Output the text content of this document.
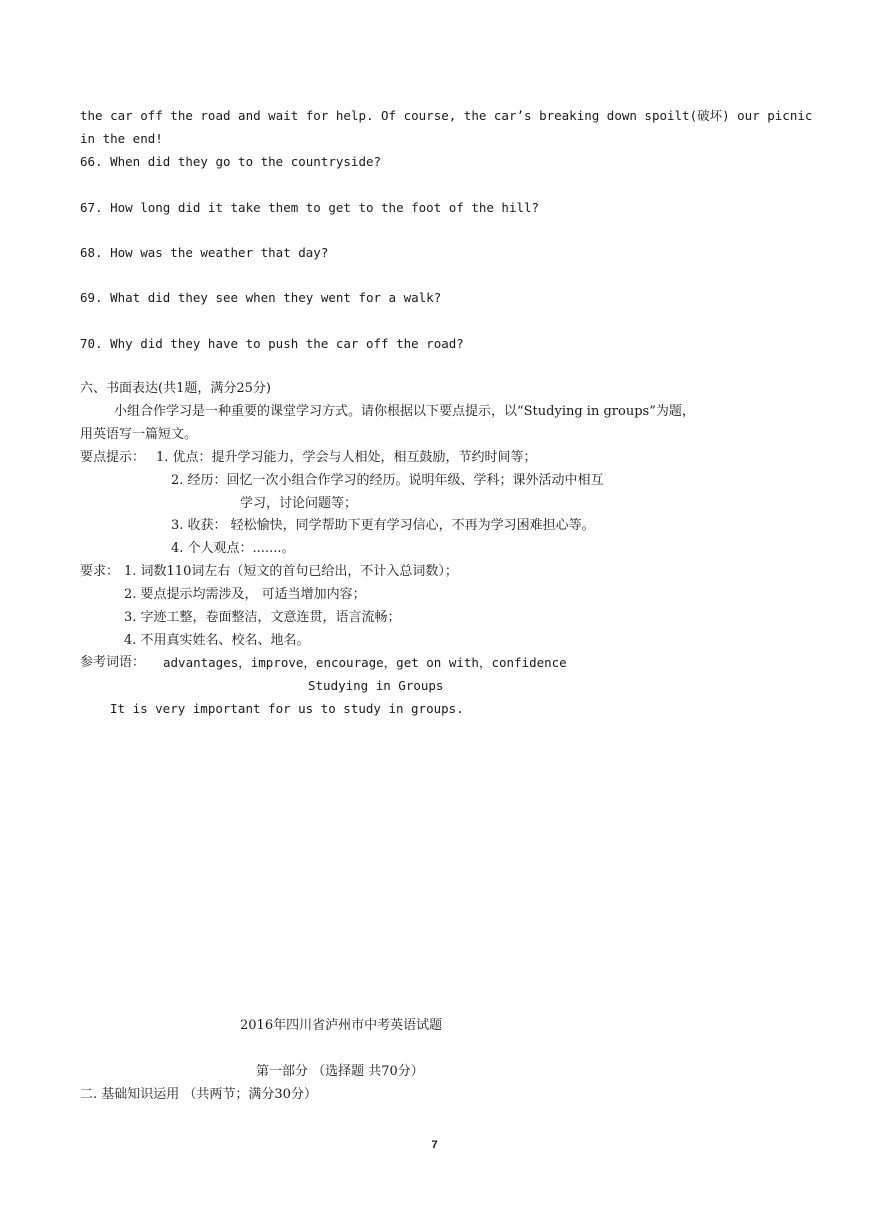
the car off the road and wait for help. Of course, the car’s breaking down spoilt(破坏) our picnic
in the end!
66. When did they go to the countryside?
67. How long did it take them to get to the foot of the hill?
68. How was the weather that day?
69. What did they see when they went for a walk?
70. Why did they have to push the car off the road?
六、书面表达(共1题，满分25分)
小组合作学习是一种重要的课堂学习方式。请你根据以下要点提示，以“Studying in groups”为题，
用英语写一篇短文。
要点提示： 1. 优点：提升学习能力，学会与人相处，相互鼓励，节约时间等；
2. 经历：回忆一次小组合作学习的经历。说明年级、学科；课外活动中相互
学习，讨论问题等；
3. 收获： 轻松愉快，同学帮助下更有学习信心，不再为学习困难担心等。
4. 个人观点：.......。
要求： 1. 词数110词左右（短文的首句已给出，不计入总词数）；
2. 要点提示均需涉及， 可适当增加内容；
3. 字迹工整，卷面整洁，文意连贯，语言流畅；
4. 不用真实姓名、校名、地名。
参考词语： advantages，improve，encourage，get on with，confidence
Studying in Groups
It is very important for us to study in groups.
2016年四川省泸州市中考英语试题
第一部分 （选择题 共70分）
二. 基础知识运用 （共两节；满分30分）
7
